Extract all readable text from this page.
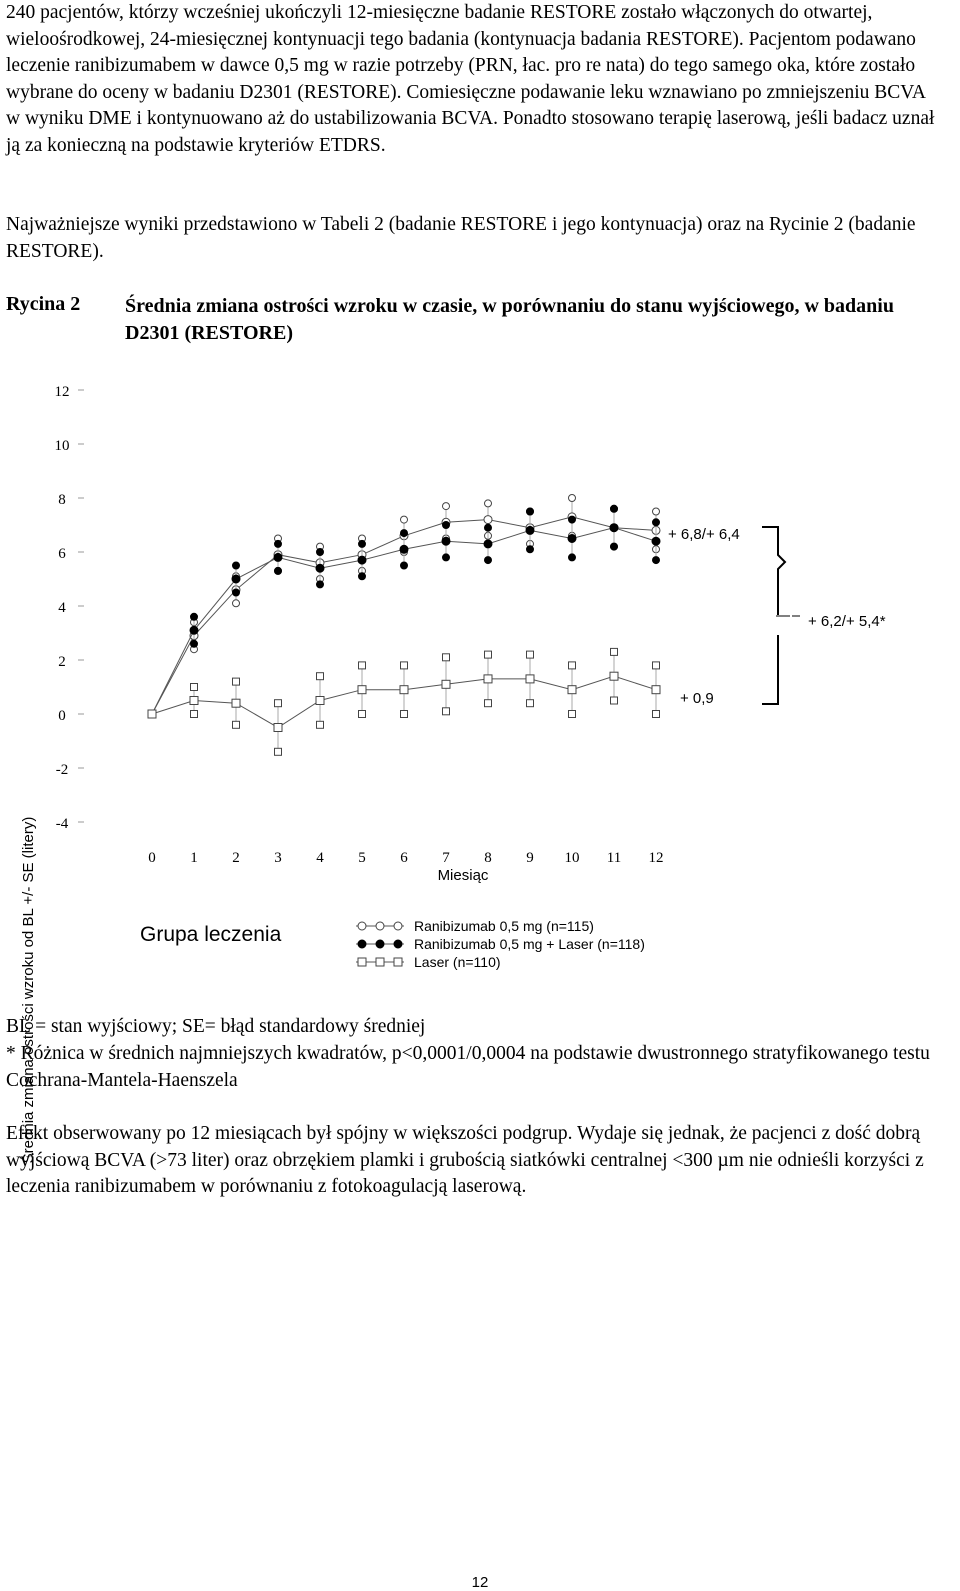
240 pacjentów, którzy wcześniej ukończyli 12-miesięczne badanie RESTORE zostało włączonych do otwartej, wieloośrodkowej, 24-miesięcznej kontynuacji tego badania (kontynuacja badania RESTORE). Pacjentom podawano leczenie ranibizumabem w dawce 0,5 mg w razie potrzeby (PRN, łac. pro re nata) do tego samego oka, które zostało wybrane do oceny w badaniu D2301 (RESTORE). Comiesięczne podawanie leku wznawiano po zmniejszeniu BCVA w wyniku DME i kontynuowano aż do ustabilizowania BCVA. Ponadto stosowano terapię laserową, jeśli badacz uznał ją za konieczną na podstawie kryteriów ETDRS.

Najważniejsze wyniki przedstawiono w Tabeli 2 (badanie RESTORE i jego kontynuacja) oraz na Rycinie 2 (badanie RESTORE).

Rycina 2 Średnia zmiana ostrości wzroku w czasie, w porównaniu do stanu wyjściowego, w badaniu D2301 (RESTORE)
12
10
8
6
4
2
0
-2
-4
0 1 2 3 4 5 6 7 8 9 10 11 12
Średnia zmiana ostrości wzroku od BL +/- SE (litery)	Miesiąc
+ 6,8/+ 6,4
+ 0,9
+ 6,2/+ 5,4*
Grupa leczenia	Ranibizumab 0,5 mg (n=115)
Ranibizumab 0,5 mg + Laser (n=118)
Laser (n=110)

BL = stan wyjściowy; SE= błąd standardowy średniej

* Różnica w średnich najmniejszych kwadratów, p<0,0001/0,0004 na podstawie dwustronnego stratyfikowanego testu Cochrana-Mantela-Haenszela

Efekt obserwowany po 12 miesiącach był spójny w większości podgrup. Wydaje się jednak, że pacjenci z dość dobrą wyjściową BCVA (>73 liter) oraz obrzękiem plamki i grubością siatkówki centralnej <300 µm nie odnieśli korzyści z leczenia ranibizumabem w porównaniu z fotokoagulacją laserową.

12
